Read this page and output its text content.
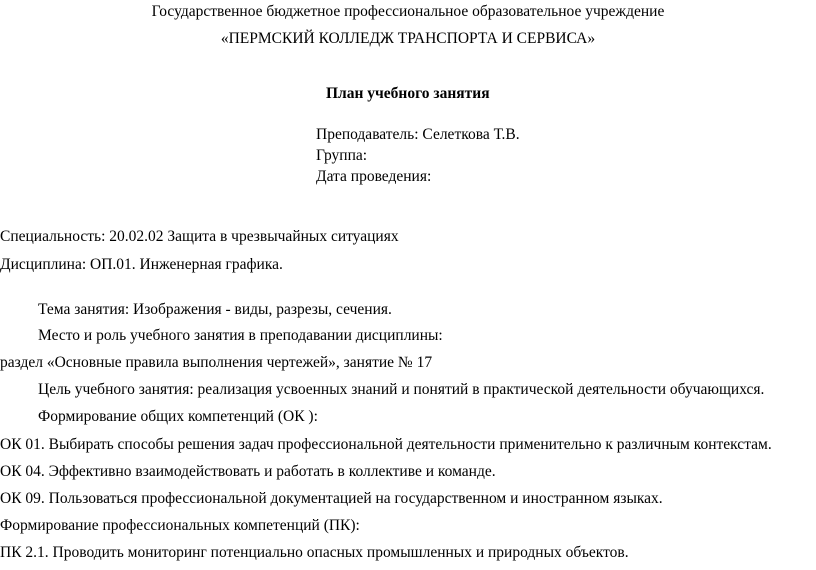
Государственное бюджетное профессиональное образовательное учреждение
«ПЕРМСКИЙ КОЛЛЕДЖ ТРАНСПОРТА И СЕРВИСА»
План учебного занятия
Преподаватель: Селеткова Т.В.
Группа:
Дата проведения:
Специальность: 20.02.02 Защита в чрезвычайных ситуациях
Дисциплина: ОП.01. Инженерная графика.
Тема занятия: Изображения - виды, разрезы, сечения.
Место и роль учебного занятия в преподавании дисциплины:
раздел «Основные правила выполнения чертежей», занятие № 17
Цель учебного занятия: реализация усвоенных знаний и понятий в практической деятельности обучающихся.
Формирование общих компетенций (ОК ):
ОК 01. Выбирать способы решения задач профессиональной деятельности применительно к различным контекстам.
ОК 04. Эффективно взаимодействовать и работать в коллективе и команде.
ОК 09. Пользоваться профессиональной документацией на государственном и иностранном языках.
Формирование профессиональных компетенций (ПК):
ПК 2.1. Проводить мониторинг потенциально опасных промышленных и природных объектов.
